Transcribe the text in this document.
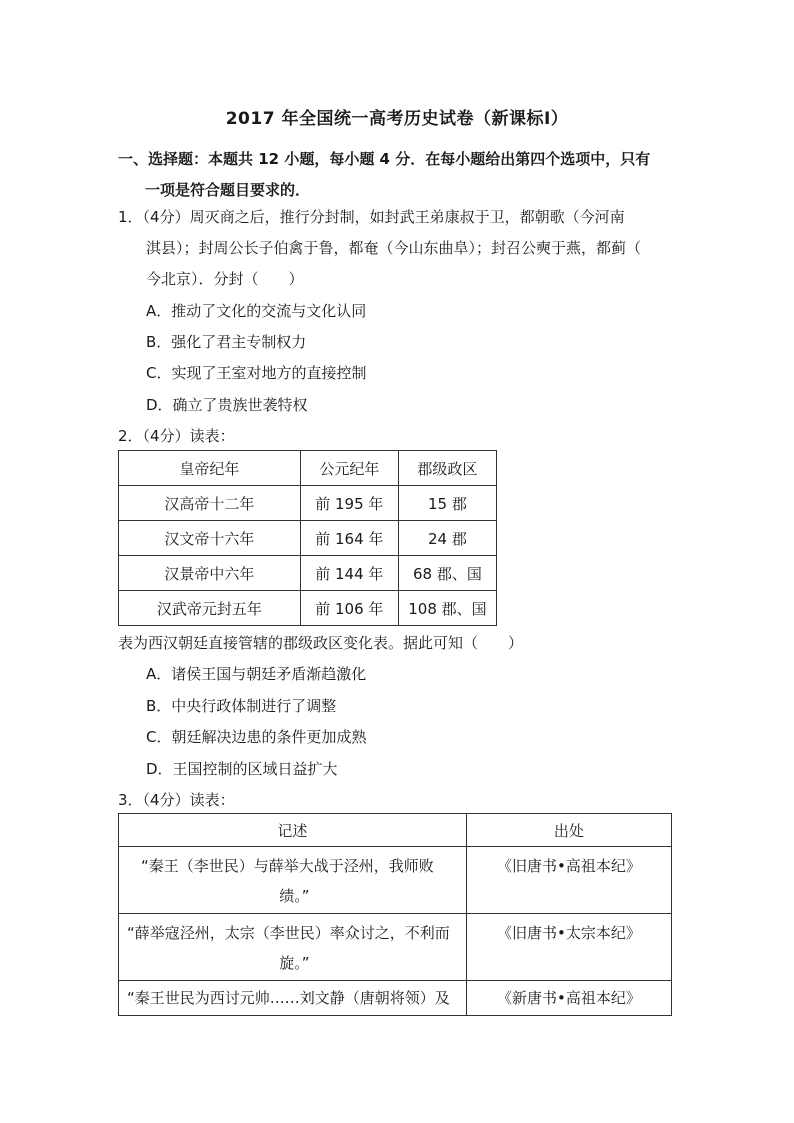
2017 年全国统一高考历史试卷（新课标Ⅰ）
一、选择题：本题共 12 小题，每小题 4 分．在每小题给出第四个选项中，只有
一项是符合题目要求的．
1．（4分）周灭商之后，推行分封制，如封武王弟康叔于卫，都朝歌（今河南
淇县）；封周公长子伯禽于鲁，都奄（今山东曲阜）；封召公奭于燕，都蓟（
今北京）．分封（　　）
A．推动了文化的交流与文化认同
B．强化了君主专制权力
C．实现了王室对地方的直接控制
D．确立了贵族世袭特权
2．（4分）读表：
皇帝纪年	公元纪年	郡级政区
汉高帝十二年	前 195 年	15 郡
汉文帝十六年	前 164 年	24 郡
汉景帝中六年	前 144 年	68 郡、国
汉武帝元封五年	前 106 年	108 郡、国
表为西汉朝廷直接管辖的郡级政区变化表。据此可知（　　）
A．诸侯王国与朝廷矛盾渐趋激化
B．中央行政体制进行了调整
C．朝廷解决边患的条件更加成熟
D．王国控制的区域日益扩大
3．（4分）读表：
记述	出处
“秦王（李世民）与薛举大战于泾州，我师败

绩。”	《旧唐书•高祖本纪》
“薛举寇泾州，太宗（李世民）率众讨之，不利而

旋。”	《旧唐书•太宗本纪》
“秦王世民为西讨元帅……刘文静（唐朝将领）及	《新唐书•高祖本纪》
